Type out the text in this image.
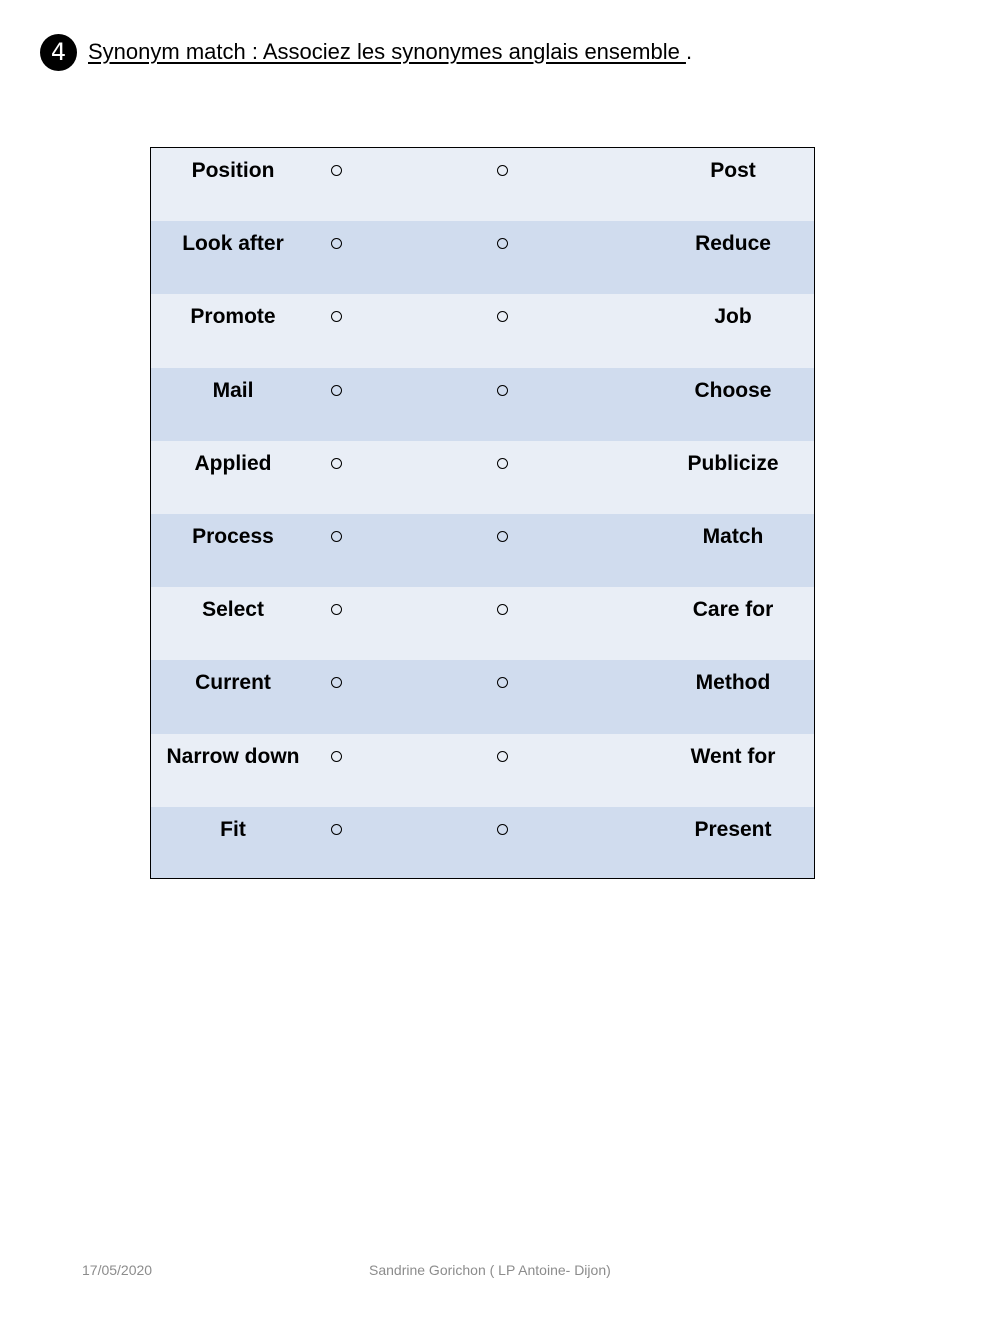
4 Synonym match : Associez les synonymes anglais ensemble .
Position	Post
Look after	Reduce
Promote	Job
Mail	Choose
Applied	Publicize
Process	Match
Select	Care for
Current	Method
Narrow down	Went for
Fit	Present
17/05/2020	Sandrine Gorichon ( LP Antoine- Dijon)
